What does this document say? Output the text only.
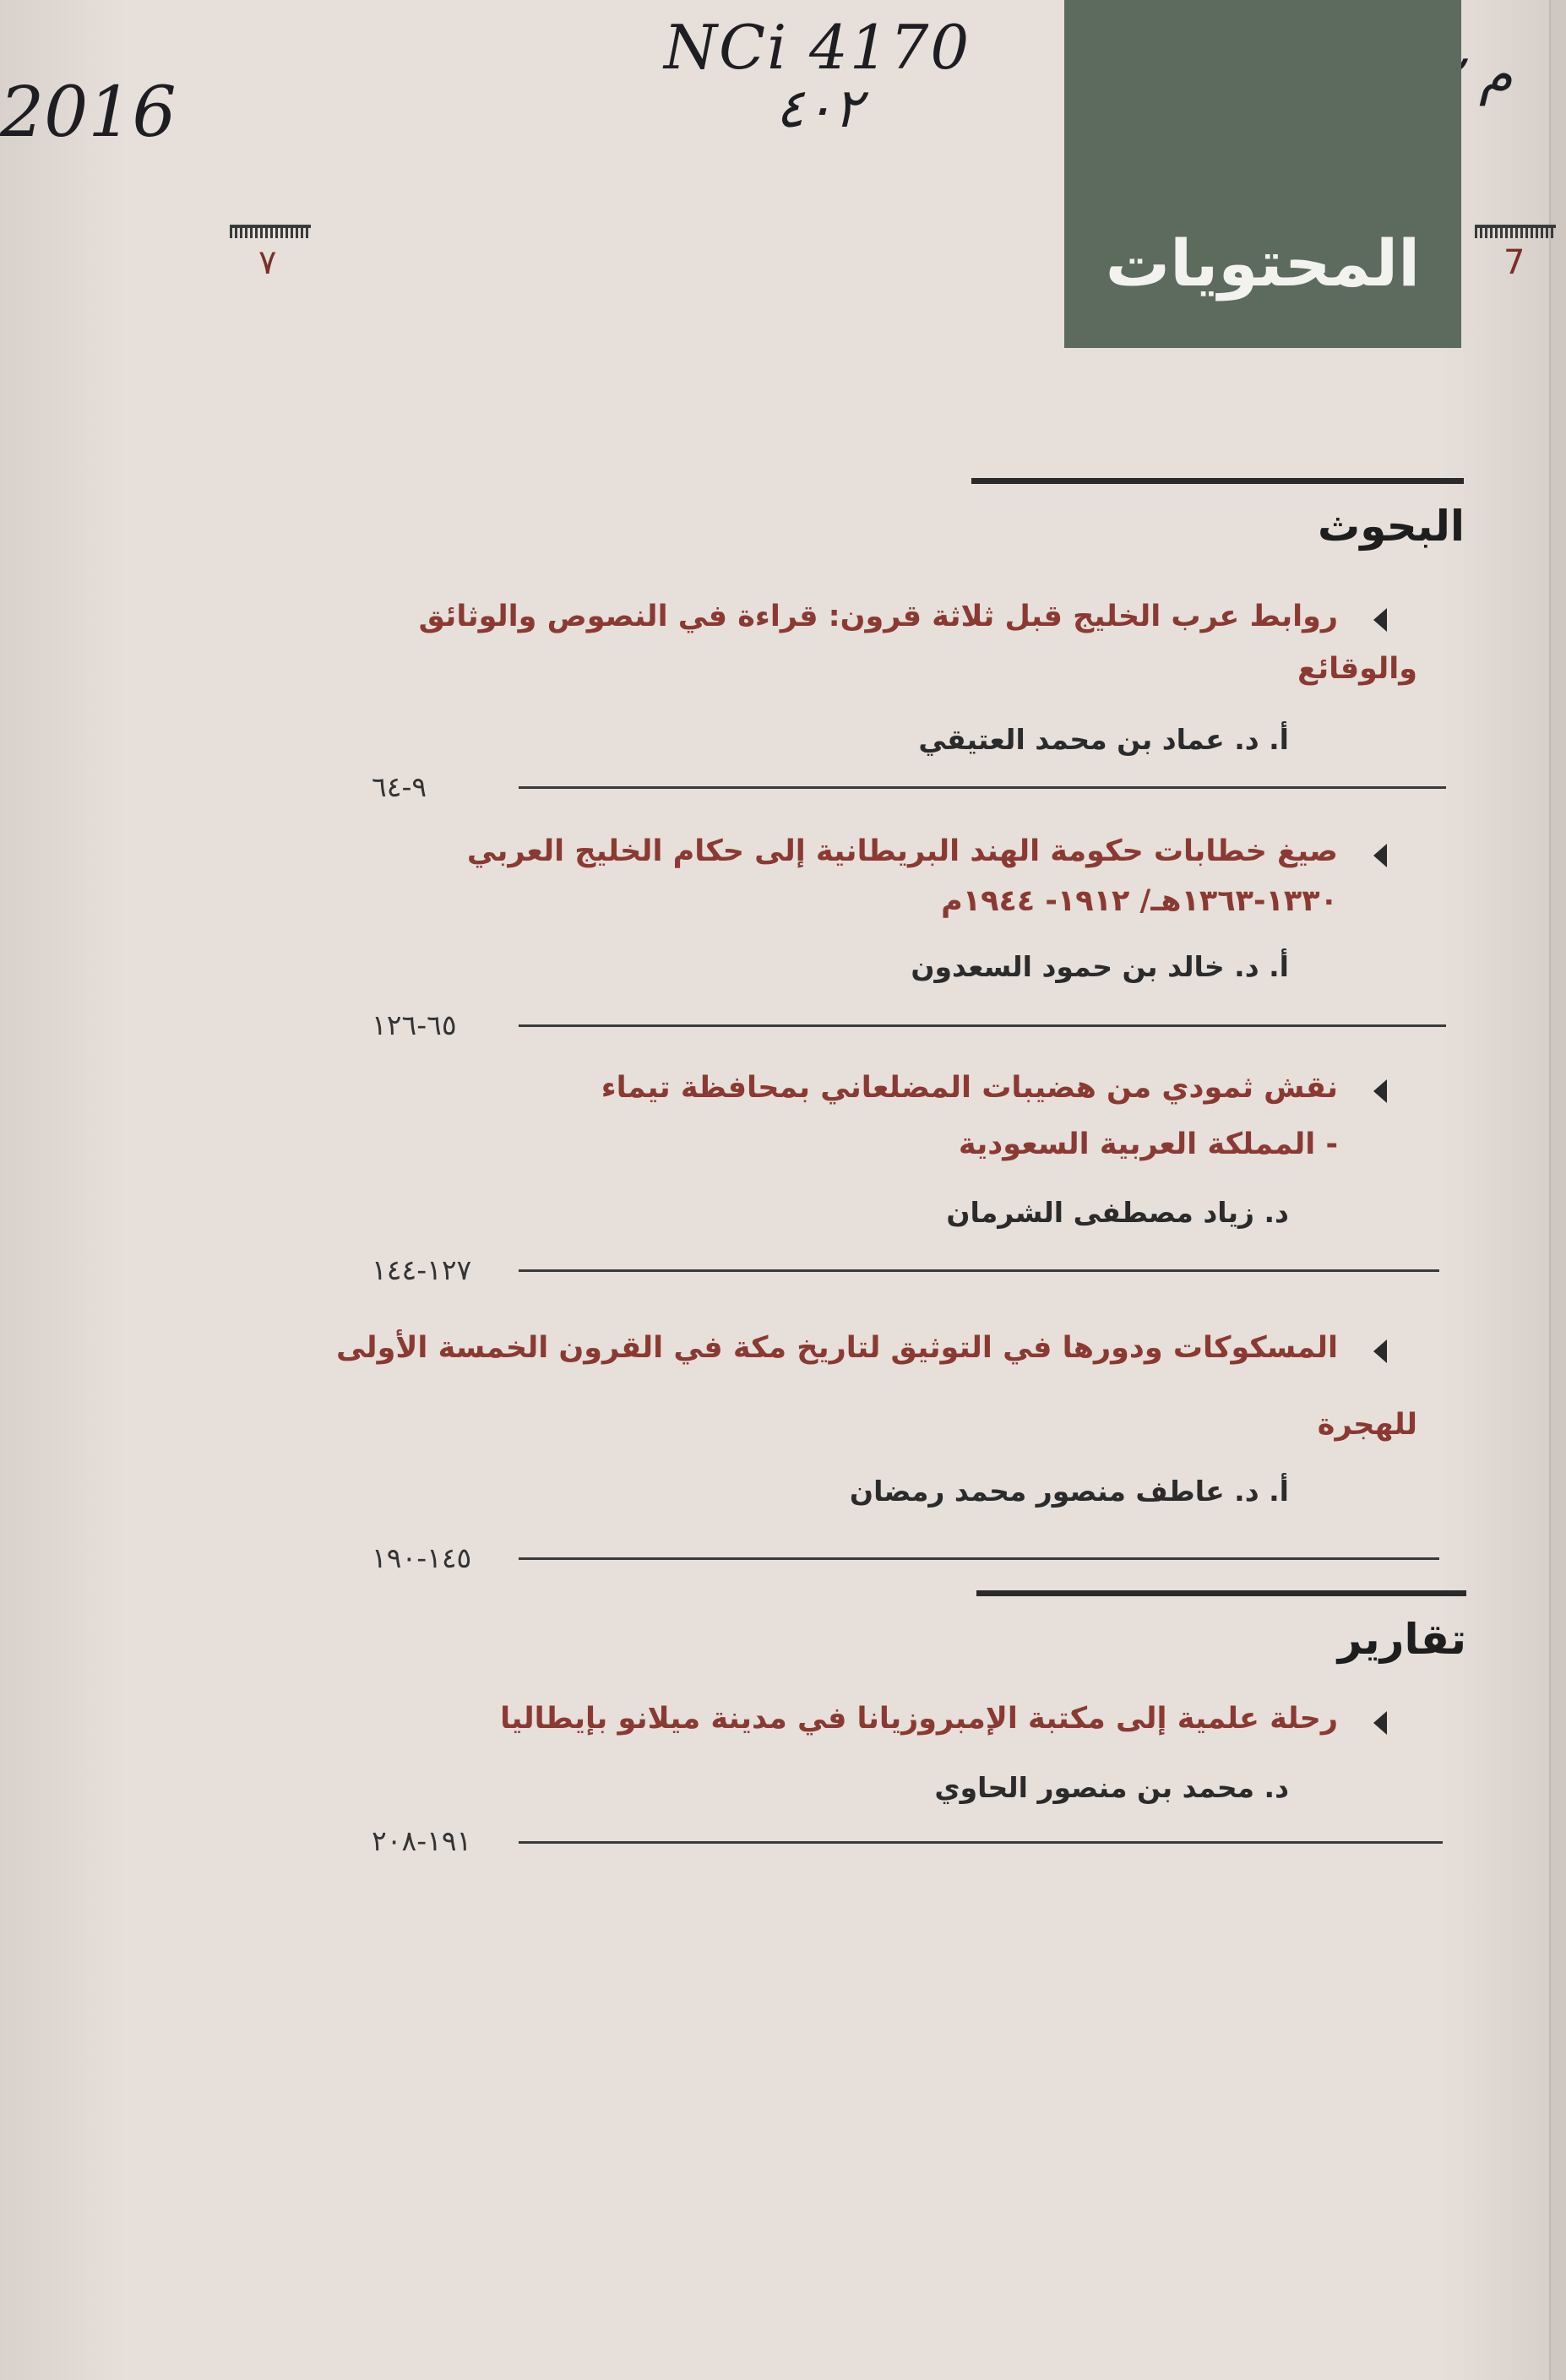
2016
NCi 4170
٤٠٢
م
٧	7
المحتويات
البحوث
روابط عرب الخليج قبل ثلاثة قرون: قراءة في النصوص والوثائق
والوقائع
أ. د. عماد بن محمد العتيقي
٩-٦٤
صيغ خطابات حكومة الهند البريطانية إلى حكام الخليج العربي
١٣٣٠-١٣٦٣هـ/ ١٩١٢- ١٩٤٤م
أ. د. خالد بن حمود السعدون
٦٥-١٢٦
نقش ثمودي من هضيبات المضلعاني بمحافظة تيماء
- المملكة العربية السعودية
د. زياد مصطفى الشرمان
١٢٧-١٤٤
المسكوكات ودورها في التوثيق لتاريخ مكة في القرون الخمسة الأولى
للهجرة
أ. د. عاطف منصور محمد رمضان
١٤٥-١٩٠
تقارير
رحلة علمية إلى مكتبة الإمبروزيانا في مدينة ميلانو بإيطاليا
د. محمد بن منصور الحاوي
١٩١-٢٠٨
